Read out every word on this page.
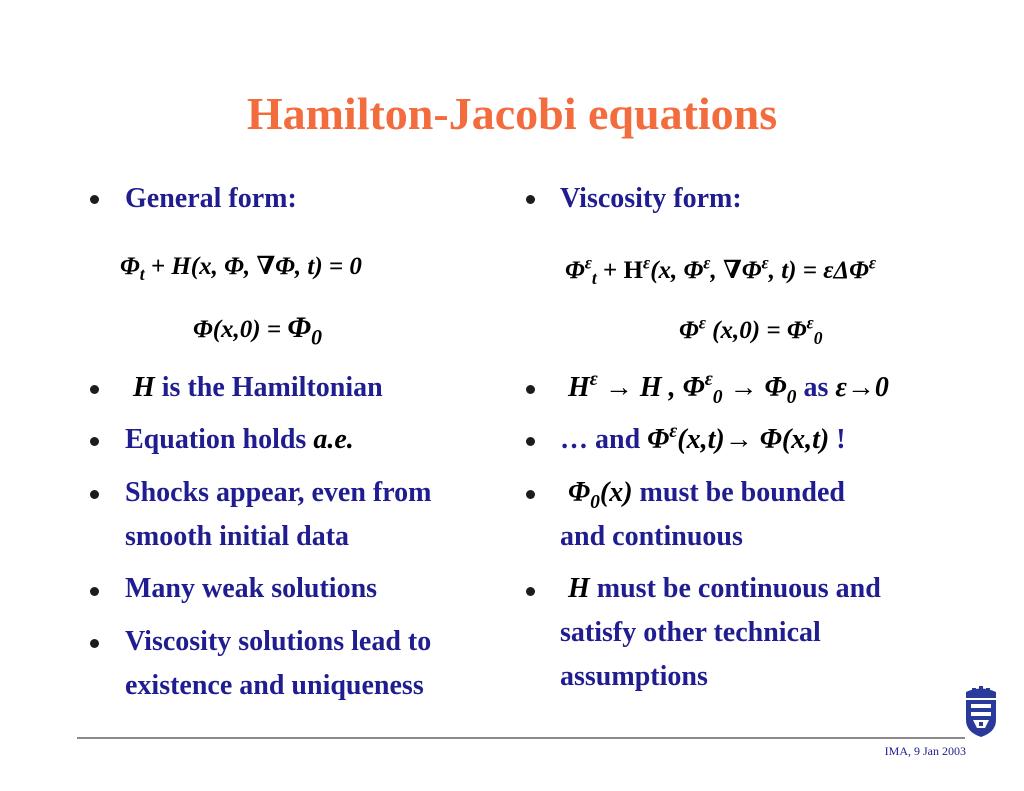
Hamilton-Jacobi equations
General form:
$\Phi_t + H(x$, Φ, ∇Φ, t) = 0
$\Phi(x,0) = \Phi_0$
H is the Hamiltonian
Equation holds a.e.
Shocks appear, even from
smooth initial data
Many weak solutions
Viscosity solutions lead to
existence and uniqueness
Viscosity form:
$\Phi^\varepsilon_t + H^\varepsilon(x$, $\Phi^\varepsilon$, $\nabla\Phi^\varepsilon$, t) = εΔΦ$^\varepsilon$
$\Phi^\varepsilon$ $(x,0) = \Phi^\varepsilon_0$
$H^\varepsilon \to H$ , $\Phi^\varepsilon_0 \to \Phi_0$ as ε→0
… and $\Phi^\varepsilon(x,t)\to \Phi(x,t)$ !
$\Phi_0(x)$ must be bounded
and continuous
H must be continuous and
satisfy other technical
assumptions
IMA, 9 Jan 2003
